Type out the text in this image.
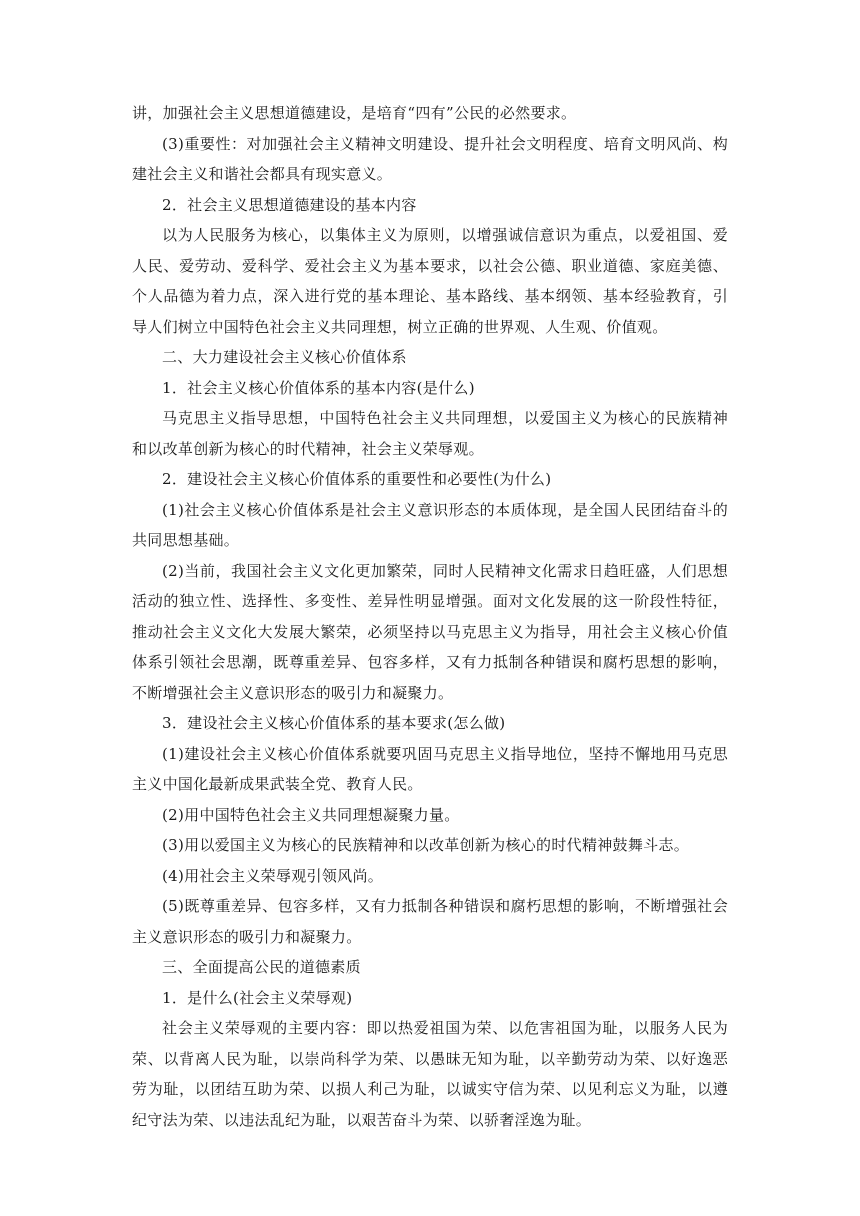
讲，加强社会主义思想道德建设，是培育“四有”公民的必然要求。

(3)重要性：对加强社会主义精神文明建设、提升社会文明程度、培育文明风尚、构建社会主义和谐社会都具有现实意义。

2．社会主义思想道德建设的基本内容

以为人民服务为核心，以集体主义为原则，以增强诚信意识为重点，以爱祖国、爱人民、爱劳动、爱科学、爱社会主义为基本要求，以社会公德、职业道德、家庭美德、个人品德为着力点，深入进行党的基本理论、基本路线、基本纲领、基本经验教育，引导人们树立中国特色社会主义共同理想，树立正确的世界观、人生观、价值观。

二、大力建设社会主义核心价值体系

1．社会主义核心价值体系的基本内容(是什么)

马克思主义指导思想，中国特色社会主义共同理想，以爱国主义为核心的民族精神和以改革创新为核心的时代精神，社会主义荣辱观。

2．建设社会主义核心价值体系的重要性和必要性(为什么)

(1)社会主义核心价值体系是社会主义意识形态的本质体现，是全国人民团结奋斗的共同思想基础。

(2)当前，我国社会主义文化更加繁荣，同时人民精神文化需求日趋旺盛，人们思想活动的独立性、选择性、多变性、差异性明显增强。面对文化发展的这一阶段性特征，推动社会主义文化大发展大繁荣，必须坚持以马克思主义为指导，用社会主义核心价值体系引领社会思潮，既尊重差异、包容多样，又有力抵制各种错误和腐朽思想的影响，不断增强社会主义意识形态的吸引力和凝聚力。

3．建设社会主义核心价值体系的基本要求(怎么做)

(1)建设社会主义核心价值体系就要巩固马克思主义指导地位，坚持不懈地用马克思主义中国化最新成果武装全党、教育人民。

(2)用中国特色社会主义共同理想凝聚力量。

(3)用以爱国主义为核心的民族精神和以改革创新为核心的时代精神鼓舞斗志。

(4)用社会主义荣辱观引领风尚。

(5)既尊重差异、包容多样，又有力抵制各种错误和腐朽思想的影响，不断增强社会主义意识形态的吸引力和凝聚力。

三、全面提高公民的道德素质

1．是什么(社会主义荣辱观)

社会主义荣辱观的主要内容：即以热爱祖国为荣、以危害祖国为耻，以服务人民为荣、以背离人民为耻，以崇尚科学为荣、以愚昧无知为耻，以辛勤劳动为荣、以好逸恶劳为耻，以团结互助为荣、以损人利己为耻，以诚实守信为荣、以见利忘义为耻，以遵纪守法为荣、以违法乱纪为耻，以艰苦奋斗为荣、以骄奢淫逸为耻。
